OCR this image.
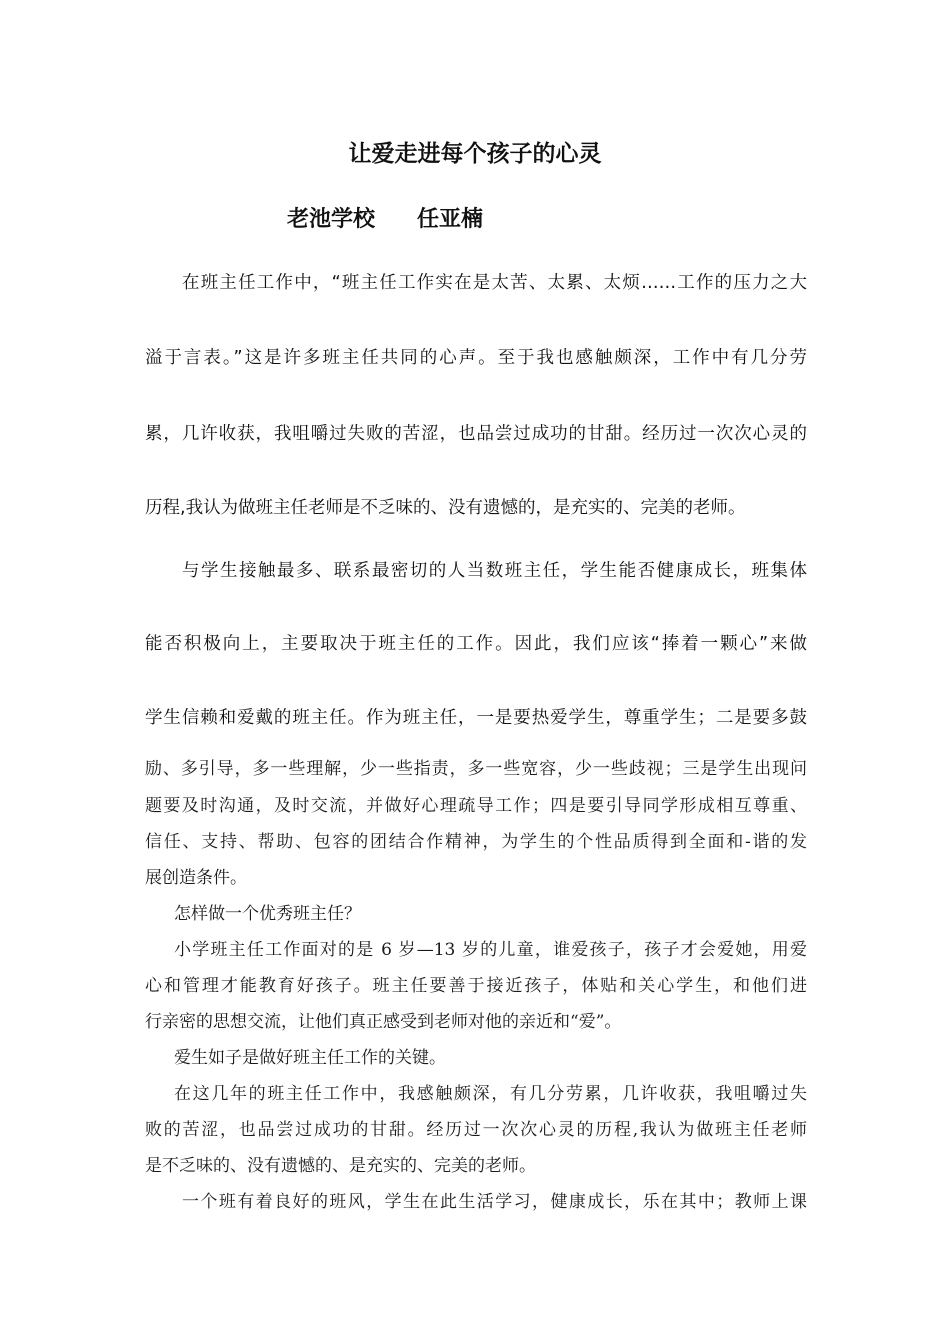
让爱走进每个孩子的心灵
老池学校 任亚楠
在班主任工作中，“班主任工作实在是太苦、太累、太烦……工作的压力之大
溢于言表。”这是许多班主任共同的心声。至于我也感触颇深，工作中有几分劳
累，几许收获，我咀嚼过失败的苦涩，也品尝过成功的甘甜。经历过一次次心灵的
历程,我认为做班主任老师是不乏味的、没有遗憾的，是充实的、完美的老师。
与学生接触最多、联系最密切的人当数班主任，学生能否健康成长，班集体
能否积极向上，主要取决于班主任的工作。因此，我们应该“捧着一颗心”来做
学生信赖和爱戴的班主任。作为班主任，一是要热爱学生，尊重学生；二是要多鼓
励、多引导，多一些理解，少一些指责，多一些宽容，少一些歧视；三是学生出现问
题要及时沟通，及时交流，并做好心理疏导工作；四是要引导同学形成相互尊重、
信任、支持、帮助、包容的团结合作精神，为学生的个性品质得到全面和-谐的发
展创造条件。
怎样做一个优秀班主任？
小学班主任工作面对的是 6 岁—13 岁的儿童，谁爱孩子，孩子才会爱她，用爱
心和管理才能教育好孩子。班主任要善于接近孩子，体贴和关心学生，和他们进
行亲密的思想交流，让他们真正感受到老师对他的亲近和“爱”。
爱生如子是做好班主任工作的关键。
在这几年的班主任工作中，我感触颇深，有几分劳累，几许收获，我咀嚼过失
败的苦涩，也品尝过成功的甘甜。经历过一次次心灵的历程,我认为做班主任老师
是不乏味的、没有遗憾的、是充实的、完美的老师。
一个班有着良好的班风，学生在此生活学习，健康成长，乐在其中；教师上课
